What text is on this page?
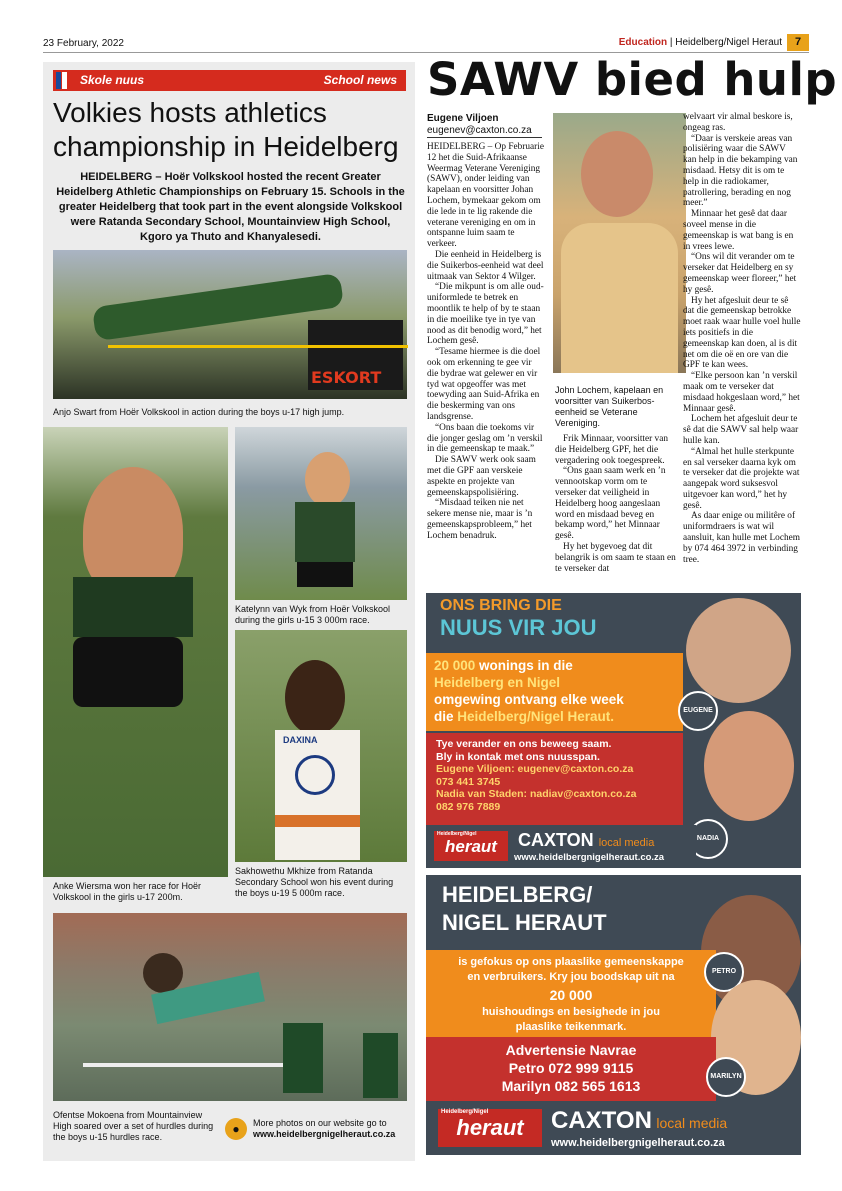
23 February, 2022	Education | Heidelberg/Nigel Heraut	7
Skole nuus	School news
Volkies hosts athletics championship in Heidelberg
HEIDELBERG – Hoër Volkskool hosted the recent Greater Heidelberg Athletic Championships on February 15. Schools in the greater Heidelberg that took part in the event alongside Volkskool were Ratanda Secondary School, Mountainview High School, Kgoro ya Thuto and Khanyalesedi.
ESKORT
Anjo Swart from Hoër Volkskool in action during the boys u-17 high jump.
Anke Wiersma won her race for Hoër Volkskool in the girls u-17 200m.
Katelynn van Wyk from Hoër Volkskool during the girls u-15 3 000m race.
DAXINA
Sakhowethu Mkhize from Ratanda Secondary School won his event during the boys u-19 5 000m race.
Ofentse Mokoena from Mountainview High soared over a set of hurdles during the boys u-15 hurdles race.
●	More photos on our website go to
www.heidelbergnigelheraut.co.za
SAWV bied hulp
Eugene Viljoen
eugenev@caxton.co.za

HEIDELBERG – Op Februarie 12 het die Suid-Afrikaanse Weermag Veterane Vereniging (SAWV), onder leiding van kapelaan en voorsitter Johan Lochem, bymekaar gekom om die lede in te lig rakende die veterane vereniging en om in ontspanne luim saam te verkeer.

Die eenheid in Heidelberg is die Suikerbos-eenheid wat deel uitmaak van Sektor 4 Wilger.

“Die mikpunt is om alle oud-uniformlede te betrek en moontlik te help of by te staan in die moeilike tye in tye van nood as dit benodig word,” het Lochem gesê.

“Tesame hiermee is die doel ook om erkenning te gee vir die bydrae wat gelewer en vir tyd wat opgeoffer was met toewyding aan Suid-Afrika en die beskerming van ons landsgrense.

“Ons baan die toekoms vir die jonger geslag om ’n verskil in die gemeenskap te maak.”

Die SAWV werk ook saam met die GPF aan verskeie aspekte en projekte van gemeenskapspolisiëring.

“Misdaad teiken nie net sekere mense nie, maar is ’n gemeenskapsprobleem,” het Lochem benadruk.

John Lochem, kapelaan en voorsitter van Suikerbos-eenheid se Veterane Vereniging.

Frik Minnaar, voorsitter van die Heidelberg GPF, het die vergadering ook toegespreek.

“Ons gaan saam werk en ’n vennootskap vorm om te verseker dat veiligheid in Heidelberg hoog aangeslaan word en misdaad beveg en bekamp word,” het Minnaar gesê.

Hy het bygevoeg dat dit belangrik is om saam te staan en te verseker dat

welvaart vir almal beskore is, ongeag ras.

“Daar is verskeie areas van polisiëring waar die SAWV kan help in die bekamping van misdaad. Hetsy dit is om te help in die radiokamer, patrollering, berading en nog meer.”

Minnaar het gesê dat daar soveel mense in die gemeenskap is wat bang is en in vrees lewe.

“Ons wil dit verander om te verseker dat Heidelberg en sy gemeenskap weer floreer,” het hy gesê.

Hy het afgesluit deur te sê dat die gemeenskap betrokke moet raak waar hulle voel hulle iets positiefs in die gemeenskap kan doen, al is dit net om die oë en ore van die GPF te kan wees.

“Elke persoon kan ’n verskil maak om te verseker dat misdaad hokgeslaan word,” het Minnaar gesê.

Lochem het afgesluit deur te sê dat die SAWV sal help waar hulle kan.

“Almal het hulle sterkpunte en sal verseker daarna kyk om te verseker dat die projekte wat aangepak word suksesvol uitgevoer kan word,” het hy gesê.

As daar enige ou militêre of uniformdraers is wat wil aansluit, kan hulle met Lochem by 074 464 3972 in verbinding tree.

ONS BRING DIE
NUUS VIR JOU
20 000 wonings in die
Heidelberg en Nigel
omgewing ontvang elke week
die Heidelberg/Nigel Heraut.	EUGENE
Tye verander en ons beweeg saam.
Bly in kontak met ons nuusspan.
Eugene Viljoen: eugenev@caxton.co.za
073 441 3745
Nadia van Staden: nadiav@caxton.co.za
082 976 7889
NADIA
Heidelberg/Nigel
heraut	CAXTON local media
www.heidelbergnigelheraut.co.za
HEIDELBERG/
NIGEL HERAUT
is gefokus op ons plaaslike gemeenskappe
en verbruikers. Kry jou boodskap uit na
20 000
huishoudings en besighede in jou
plaaslike teikenmark.
PETRO
Advertensie Navrae
Petro 072 999 9115
Marilyn 082 565 1613
MARILYN
Heidelberg/Nigel
heraut	CAXTON local media
www.heidelbergnigelheraut.co.za
